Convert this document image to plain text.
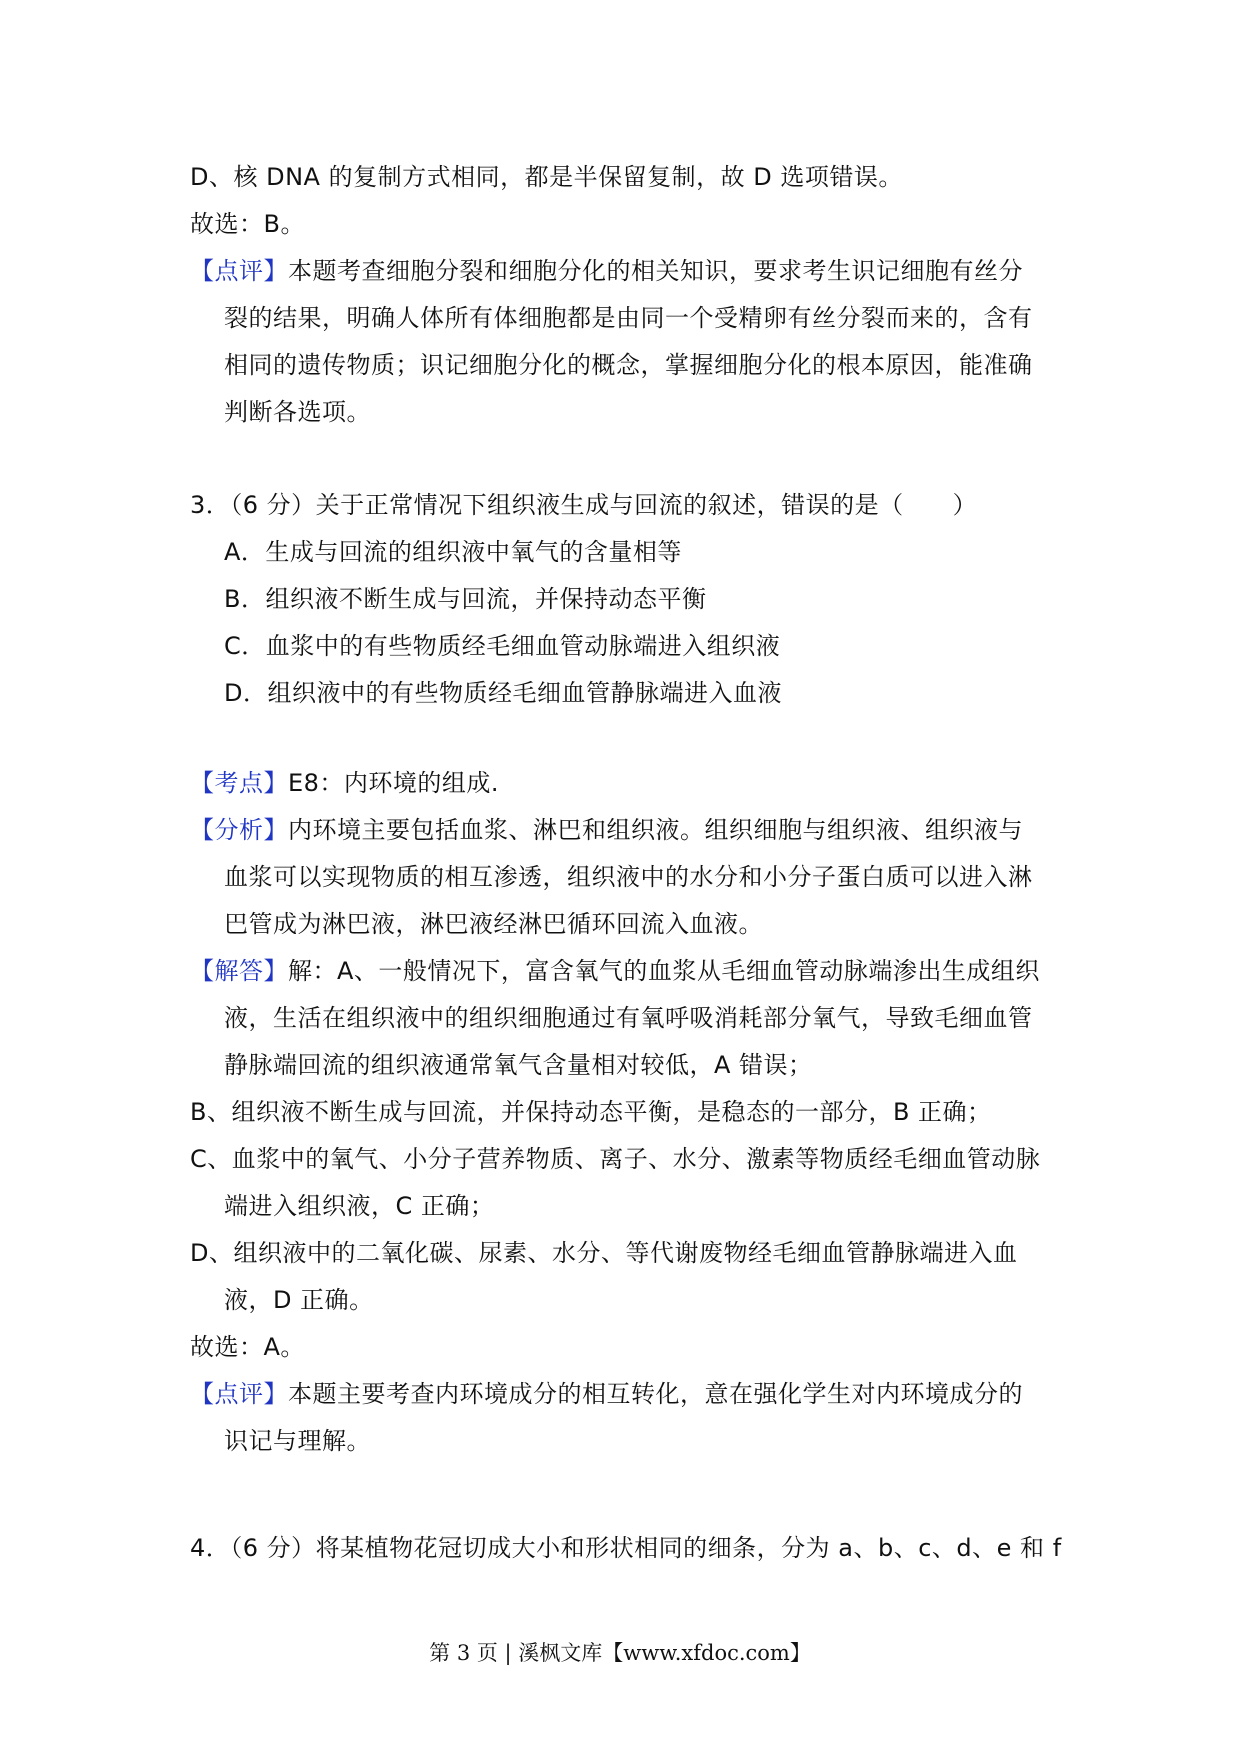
D、核 DNA 的复制方式相同，都是半保留复制，故 D 选项错误。
故选：B。
【点评】本题考查细胞分裂和细胞分化的相关知识，要求考生识记细胞有丝分
裂的结果，明确人体所有体细胞都是由同一个受精卵有丝分裂而来的，含有
相同的遗传物质；识记细胞分化的概念，掌握细胞分化的根本原因，能准确
判断各选项。
3．（6 分）关于正常情况下组织液生成与回流的叙述，错误的是（　　）
A．生成与回流的组织液中氧气的含量相等
B．组织液不断生成与回流，并保持动态平衡
C．血浆中的有些物质经毛细血管动脉端进入组织液
D．组织液中的有些物质经毛细血管静脉端进入血液
【考点】E8：内环境的组成.
【分析】内环境主要包括血浆、淋巴和组织液。组织细胞与组织液、组织液与
血浆可以实现物质的相互渗透，组织液中的水分和小分子蛋白质可以进入淋
巴管成为淋巴液，淋巴液经淋巴循环回流入血液。
【解答】解：A、一般情况下，富含氧气的血浆从毛细血管动脉端渗出生成组织
液，生活在组织液中的组织细胞通过有氧呼吸消耗部分氧气，导致毛细血管
静脉端回流的组织液通常氧气含量相对较低，A 错误；
B、组织液不断生成与回流，并保持动态平衡，是稳态的一部分，B 正确；
C、血浆中的氧气、小分子营养物质、离子、水分、激素等物质经毛细血管动脉
端进入组织液，C 正确；
D、组织液中的二氧化碳、尿素、水分、等代谢废物经毛细血管静脉端进入血
液，D 正确。
故选：A。
【点评】本题主要考查内环境成分的相互转化，意在强化学生对内环境成分的
识记与理解。
4．（6 分）将某植物花冠切成大小和形状相同的细条，分为 a、b、c、d、e 和 f
第 3 页 | 溪枫文库【www.xfdoc.com】
